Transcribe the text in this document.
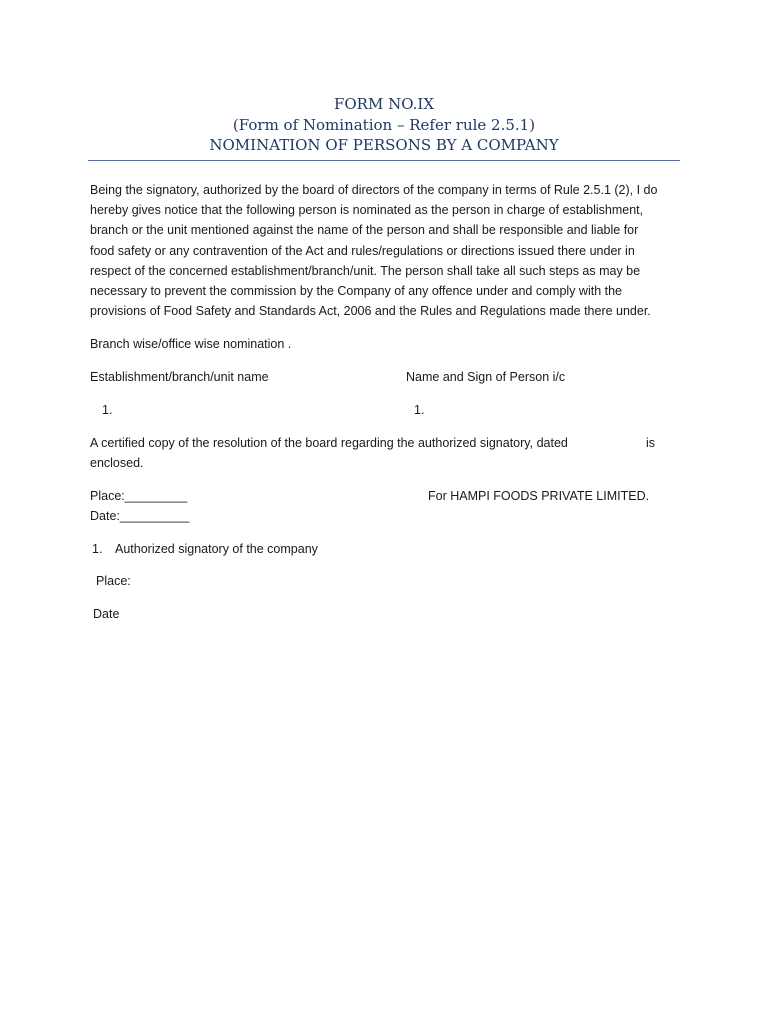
FORM NO.IX
(Form of Nomination – Refer rule 2.5.1)
NOMINATION OF PERSONS BY A COMPANY
Being the signatory, authorized by the board of directors of the company in terms of Rule 2.5.1 (2), I do
hereby gives notice that the following person is nominated as the person in charge of establishment,
branch or the unit mentioned against the name of the person and shall be responsible and liable for
food safety or any contravention of the Act and rules/regulations or directions issued there under in
respect of the concerned establishment/branch/unit. The person shall take all such steps as may be
necessary to prevent the commission by the Company of any offence under and comply with the
provisions of Food Safety and Standards Act, 2006 and the Rules and Regulations made there under.
Branch wise/office wise nomination .
Establishment/branch/unit name	Name and Sign of Person i/c
1.	1.
A certified copy of the resolution of the board regarding the authorized signatory, dated	is
enclosed.
Place:_________	For HAMPI FOODS PRIVATE LIMITED.
Date:__________
1. Authorized signatory of the company
Place:
Date
